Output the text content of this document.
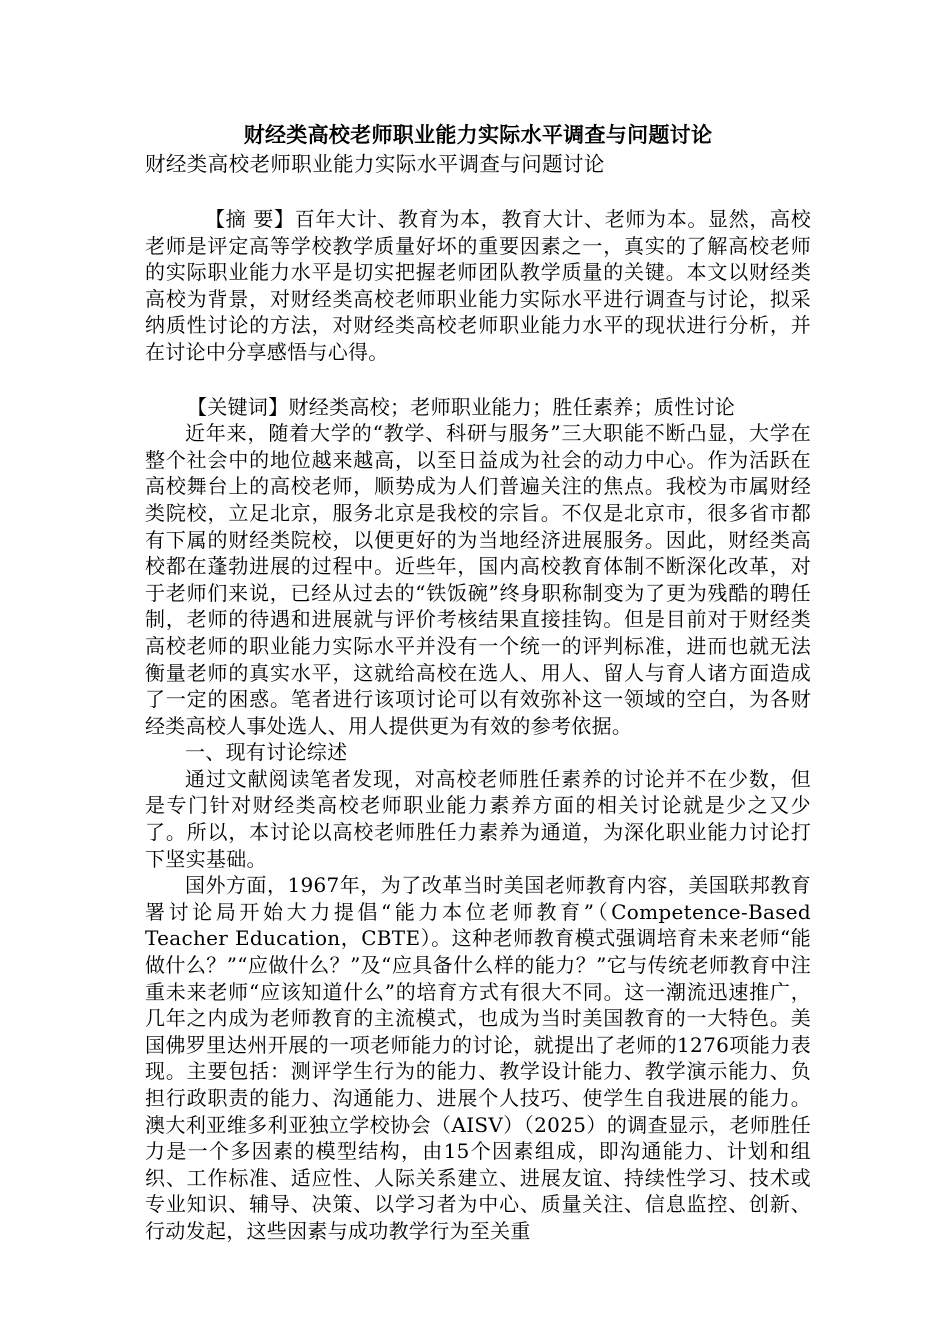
财经类高校老师职业能力实际水平调查与问题讨论

财经类高校老师职业能力实际水平调查与问题讨论

【摘 要】百年大计、教育为本，教育大计、老师为本。显然，高校老师是评定高等学校教学质量好坏的重要因素之一，真实的了解高校老师的实际职业能力水平是切实把握老师团队教学质量的关键。本文以财经类高校为背景，对财经类高校老师职业能力实际水平进行调查与讨论，拟采纳质性讨论的方法，对财经类高校老师职业能力水平的现状进行分析，并在讨论中分享感悟与心得。

【关键词】财经类高校；老师职业能力；胜任素养；质性讨论

近年来，随着大学的“教学、科研与服务”三大职能不断凸显，大学在整个社会中的地位越来越高，以至日益成为社会的动力中心。作为活跃在高校舞台上的高校老师，顺势成为人们普遍关注的焦点。我校为市属财经类院校，立足北京，服务北京是我校的宗旨。不仅是北京市，很多省市都有下属的财经类院校，以便更好的为当地经济进展服务。因此，财经类高校都在蓬勃进展的过程中。近些年，国内高校教育体制不断深化改革，对于老师们来说，已经从过去的“铁饭碗”终身职称制变为了更为残酷的聘任制，老师的待遇和进展就与评价考核结果直接挂钩。但是目前对于财经类高校老师的职业能力实际水平并没有一个统一的评判标准，进而也就无法衡量老师的真实水平，这就给高校在选人、用人、留人与育人诸方面造成了一定的困惑。笔者进行该项讨论可以有效弥补这一领域的空白，为各财经类高校人事处选人、用人提供更为有效的参考依据。

一、现有讨论综述

通过文献阅读笔者发现，对高校老师胜任素养的讨论并不在少数，但是专门针对财经类高校老师职业能力素养方面的相关讨论就是少之又少了。所以，本讨论以高校老师胜任力素养为通道，为深化职业能力讨论打下坚实基础。

国外方面，1967年，为了改革当时美国老师教育内容，美国联邦教育署讨论局开始大力提倡“能力本位老师教育”（Competence-Based Teacher Education，CBTE）。这种老师教育模式强调培育未来老师“能做什么？”“应做什么？”及“应具备什么样的能力？”它与传统老师教育中注重未来老师“应该知道什么”的培育方式有很大不同。这一潮流迅速推广，几年之内成为老师教育的主流模式，也成为当时美国教育的一大特色。美国佛罗里达州开展的一项老师能力的讨论，就提出了老师的1276项能力表现。主要包括：测评学生行为的能力、教学设计能力、教学演示能力、负担行政职责的能力、沟通能力、进展个人技巧、使学生自我进展的能力。澳大利亚维多利亚独立学校协会（AISV）（2025）的调查显示，老师胜任力是一个多因素的模型结构，由15个因素组成，即沟通能力、计划和组织、工作标准、适应性、人际关系建立、进展友谊、持续性学习、技术或专业知识、辅导、决策、以学习者为中心、质量关注、信息监控、创新、行动发起，这些因素与成功教学行为至关重
